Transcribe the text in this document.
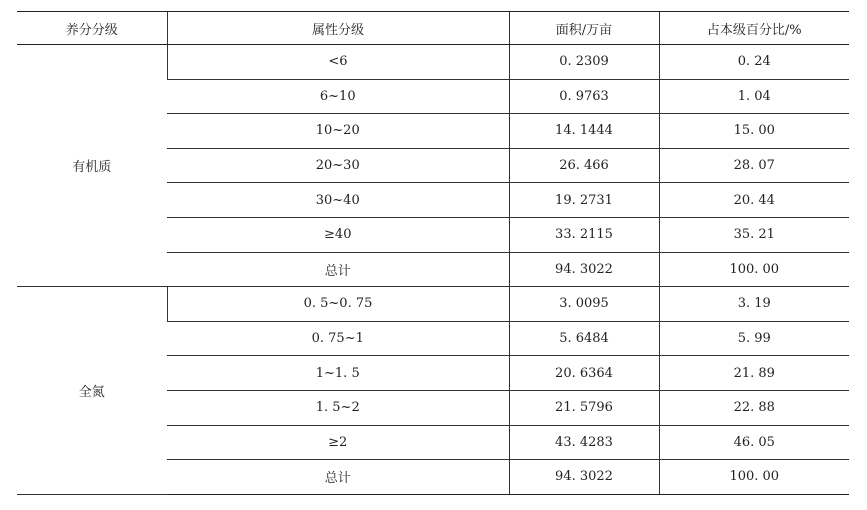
养分分级	属性分级	面积/万亩	占本级百分比/%
有机质	<6	0. 2309	0. 24
	6~10	0. 9763	1. 04
	10~20	14. 1444	15. 00
	20~30	26. 466	28. 07
	30~40	19. 2731	20. 44
	≥40	33. 2115	35. 21
	总计	94. 3022	100. 00
全氮	0. 5~0. 75	3. 0095	3. 19
	0. 75~1	5. 6484	5. 99
	1~1. 5	20. 6364	21. 89
	1. 5~2	21. 5796	22. 88
	≥2	43. 4283	46. 05
	总计	94. 3022	100. 00
